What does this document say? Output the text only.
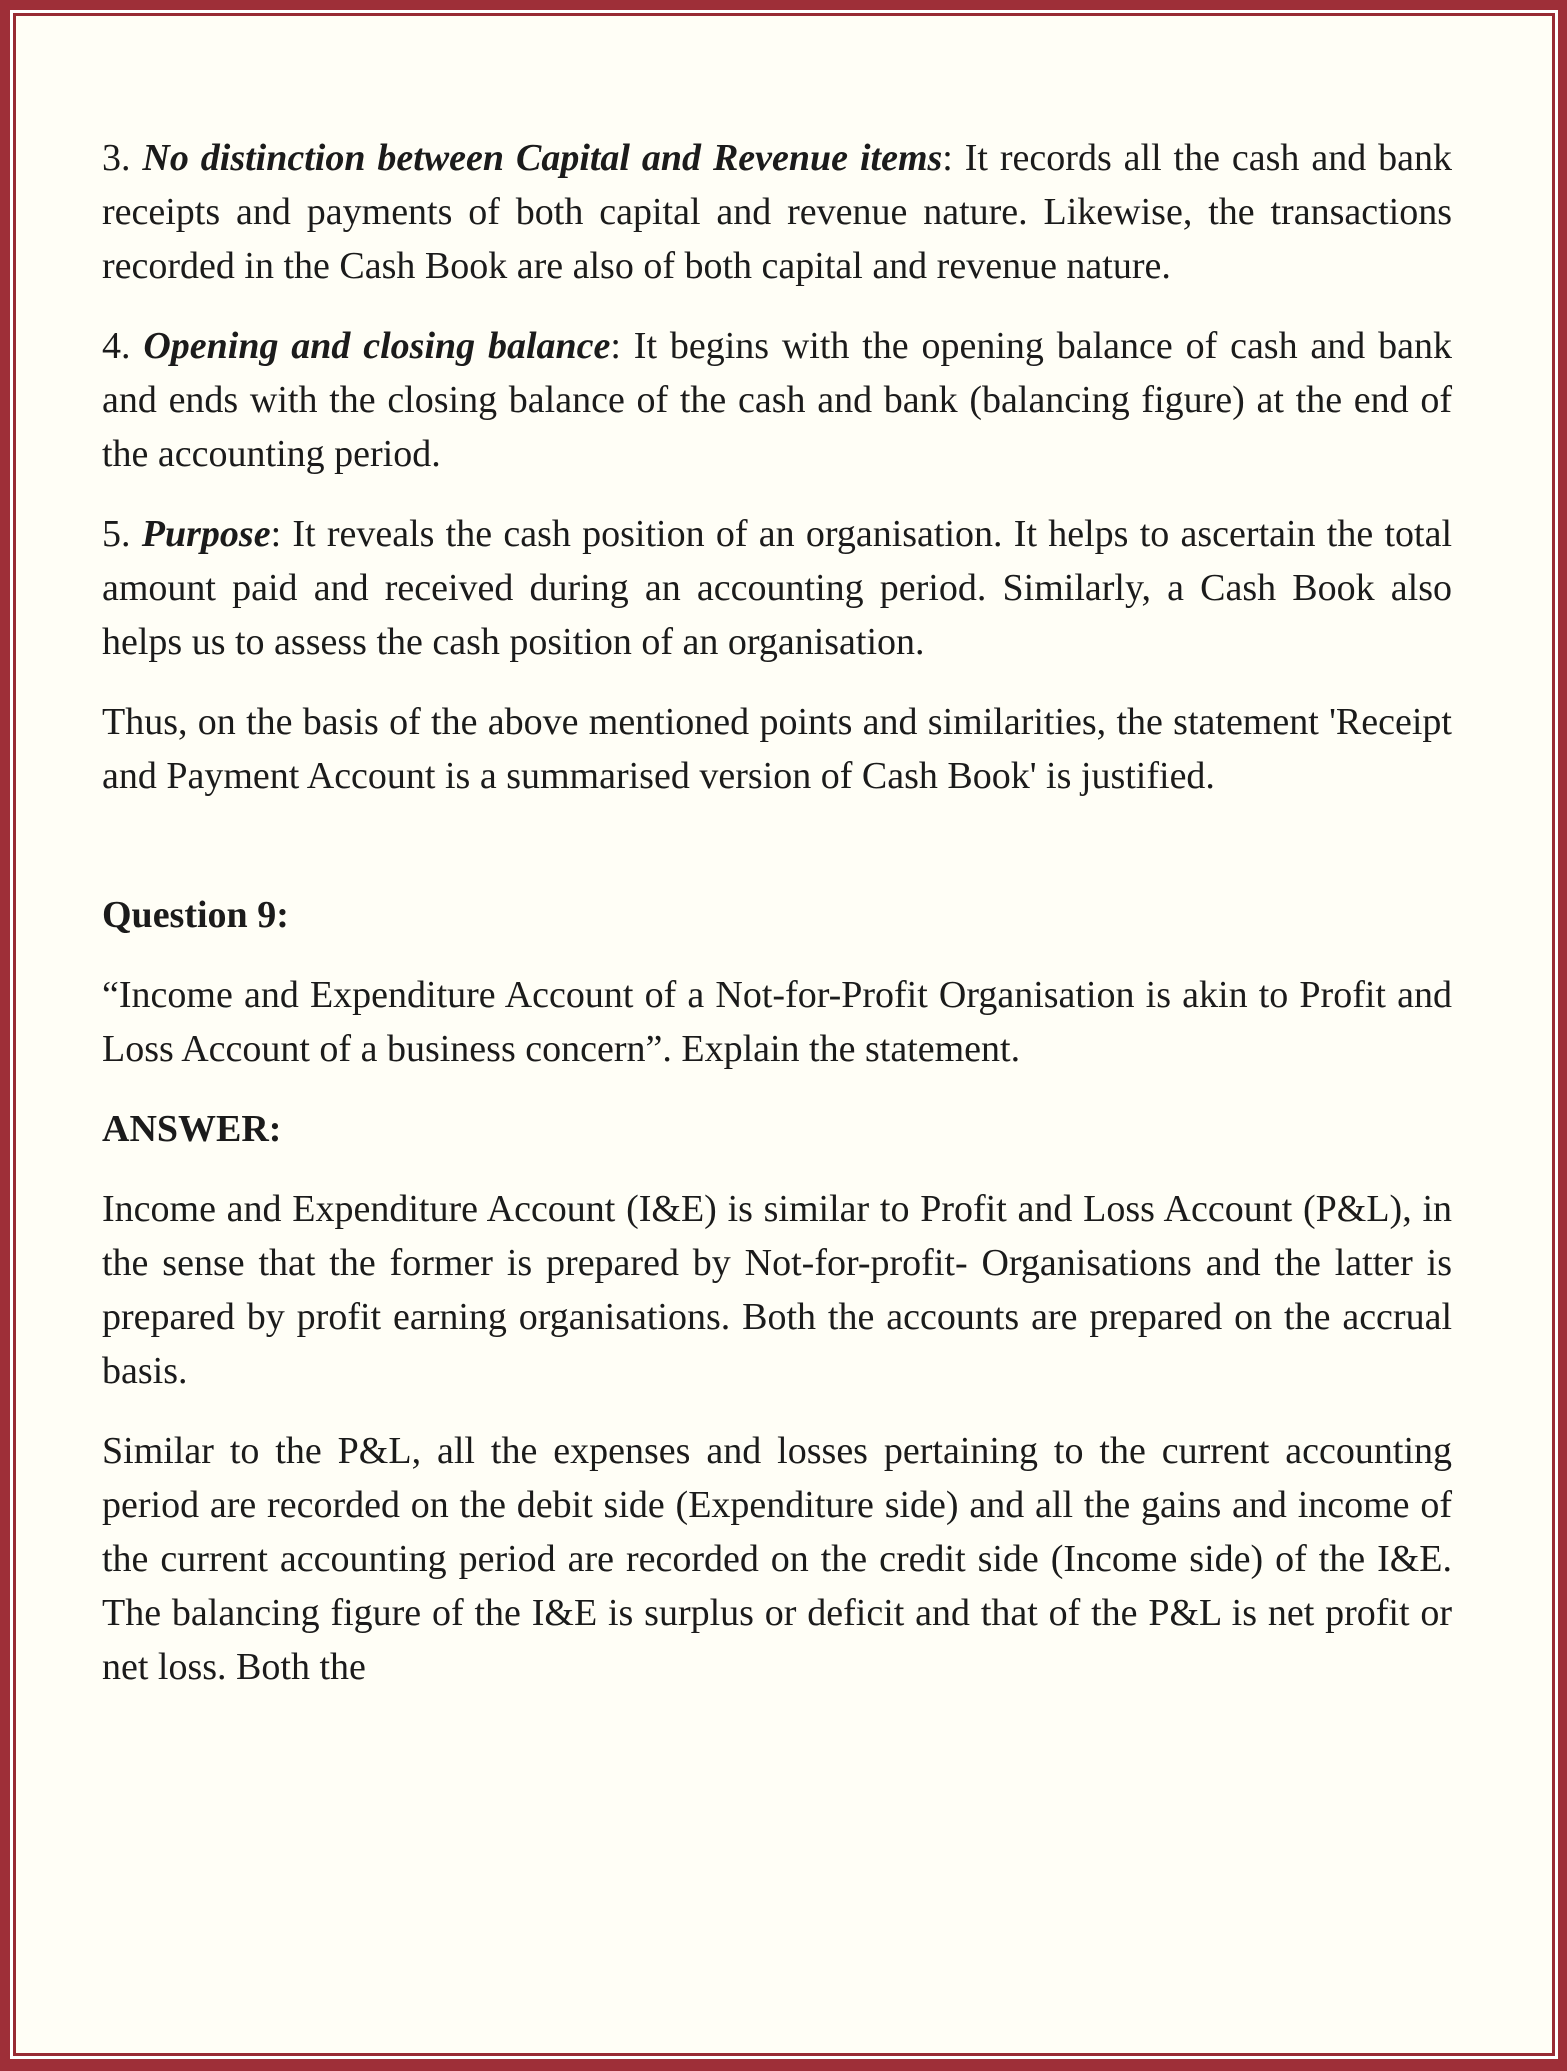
3. No distinction between Capital and Revenue items: It records all the cash and bank receipts and payments of both capital and revenue nature. Likewise, the transactions recorded in the Cash Book are also of both capital and revenue nature.

4. Opening and closing balance: It begins with the opening balance of cash and bank and ends with the closing balance of the cash and bank (balancing figure) at the end of the accounting period.

5. Purpose: It reveals the cash position of an organisation. It helps to ascertain the total amount paid and received during an accounting period. Similarly, a Cash Book also helps us to assess the cash position of an organisation.

Thus, on the basis of the above mentioned points and similarities, the statement 'Receipt and Payment Account is a summarised version of Cash Book' is justified.

Question 9:

“Income and Expenditure Account of a Not-for-Profit Organisation is akin to Profit and Loss Account of a business concern”. Explain the statement.

ANSWER:

Income and Expenditure Account (I&E) is similar to Profit and Loss Account (P&L), in the sense that the former is prepared by Not-for-profit- Organisations and the latter is prepared by profit earning organisations. Both the accounts are prepared on the accrual basis.

Similar to the P&L, all the expenses and losses pertaining to the current accounting period are recorded on the debit side (Expenditure side) and all the gains and income of the current accounting period are recorded on the credit side (Income side) of the I&E. The balancing figure of the I&E is surplus or deficit and that of the P&L is net profit or net loss. Both the
